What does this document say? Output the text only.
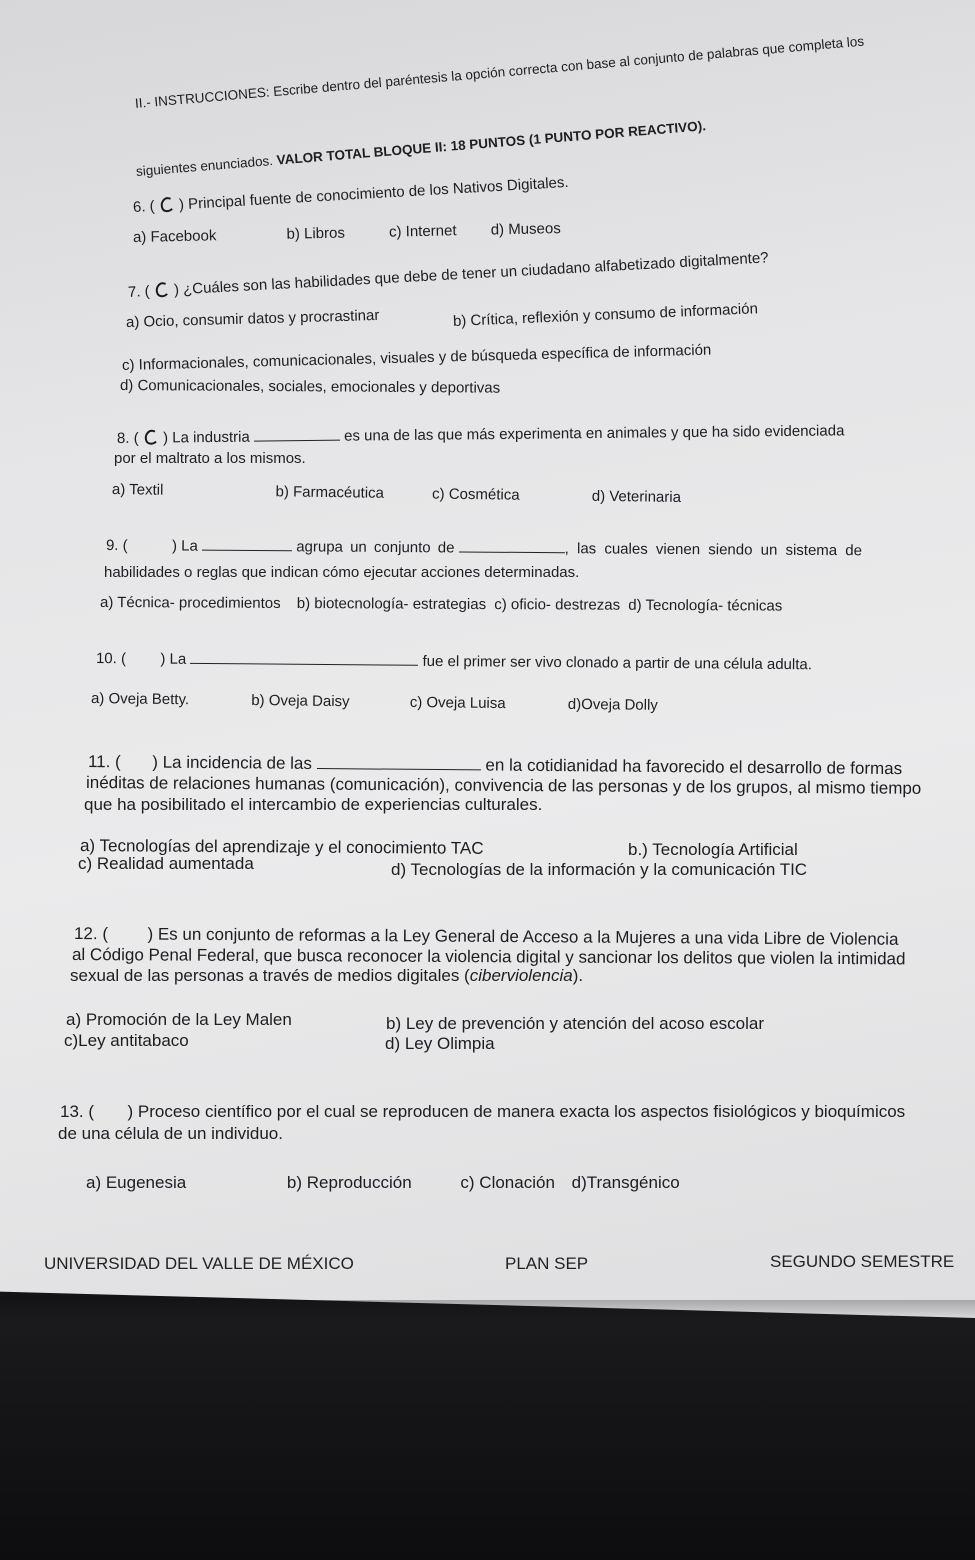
II.- INSTRUCCIONES: Escribe dentro del paréntesis la opción correcta con base al conjunto de palabras que completa los
siguientes enunciados. VALOR TOTAL BLOQUE II: 18 PUNTOS (1 PUNTO POR REACTIVO).
6. ( ) Principal fuente de conocimiento de los Nativos Digitales.
a) Facebook	b) Libros	c) Internet d) Museos
7. ( ) ¿Cuáles son las habilidades que debe de tener un ciudadano alfabetizado digitalmente?
a) Ocio, consumir datos y procrastinar	b) Crítica, reflexión y consumo de información
c) Informacionales, comunicacionales, visuales y de búsqueda específica de información
d) Comunicacionales, sociales, emocionales y deportivas
8. ( ) La industria	es una de las que más experimenta en animales y que ha sido evidenciada
por el maltrato a los mismos.
a) Textil	b) Farmacéutica	c) Cosmética	d) Veterinaria
9. (	) La	agrupa un conjunto de	, las cuales vienen siendo un sistema de
habilidades o reglas que indican cómo ejecutar acciones determinadas.
a) Técnica- procedimientos b) biotecnología- estrategias c) oficio- destrezas d) Tecnología- técnicas
10. ( ) La	fue el primer ser vivo clonado a partir de una célula adulta.
a) Oveja Betty.	b) Oveja Daisy	c) Oveja Luisa	d)Oveja Dolly
11. ( ) La incidencia de las	en la cotidianidad ha favorecido el desarrollo de formas
inéditas de relaciones humanas (comunicación), convivencia de las personas y de los grupos, al mismo tiempo
que ha posibilitado el intercambio de experiencias culturales.
a) Tecnologías del aprendizaje y el conocimiento TAC	b.) Tecnología Artificial
c) Realidad aumentada	d) Tecnologías de la información y la comunicación TIC
12. ( ) Es un conjunto de reformas a la Ley General de Acceso a la Mujeres a una vida Libre de Violencia
al Código Penal Federal, que busca reconocer la violencia digital y sancionar los delitos que violen la intimidad
sexual de las personas a través de medios digitales (ciberviolencia).
a) Promoción de la Ley Malen	b) Ley de prevención y atención del acoso escolar
c)Ley antitabaco	d) Ley Olimpia
13. ( ) Proceso científico por el cual se reproducen de manera exacta los aspectos fisiológicos y bioquímicos
de una célula de un individuo.
a) Eugenesia	b) Reproducción	c) Clonación d)Transgénico
UNIVERSIDAD DEL VALLE DE MÉXICO	PLAN SEP	SEGUNDO SEMESTRE
